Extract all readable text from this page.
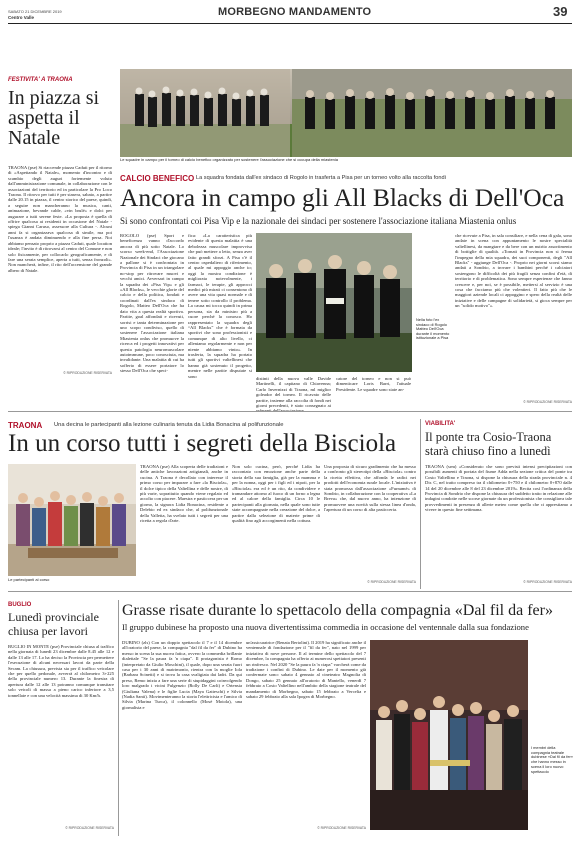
SABATO 21 DICEMBRE 2019
Centro Valle	MORBEGNO MANDAMENTO	39
FESTIVITA' A TRAONA
In piazza si aspetta il Natale
TRAONA (pse) Si riaccende piazza Caduti per il ritorno di «Aspettando il Natale», momento d'incontro e di scambio degli auguri fortemente voluto dall'amministrazione comunale, in collaborazione con le associazioni del territorio ed in particolare la Pro Loco Traona. Il ritrovo per tutti è per stasera, sabato, a partire dalle 20.15 in piazza, il centro storico del paese, quindi, a seguire non mancheranno la musica, canti, animazione, bevande calde, «vin brulé» e dolci per augurare a tutti serene feste. «La proposta è quella di offrire qualcosa ai residenti in occasione del Natale - spiega Gianni Caruso, assessore alla Cultura -. Alcuni anni fa si organizzava qualcosa di simile, ma poi l'usanza è andata diminuendo e alla fine persa. Noi abbiamo pensato proprio a piazza Caduti, quale location ideale; l'invito è di ritrovarsi al centro del Comune e non solo fisicamente, per collocarlo geograficamente, e di fare una serata semplice, aperta a tutti, senza fronzoli». Non mancherà, infine, il rito dell'accensione del grande albero di Natale.
© RIPRODUZIONE RISERVATA
Le squadre in campo per il torneo di calcio benefico organizzato per sostenere l'associazione che si occupa della miastenia
CALCIO BENEFICO La squadra fondata dall'ex sindaco di Rogolo in trasferta a Pisa per un torneo volto alla raccolta fondi
Ancora in campo gli All Blacks di Dell'Oca
Si sono confrontati coi Pisa Vip e la nazionale dei sindaci per sostenere l'associazione italiana Miastenia onlus
ROGOLO (pse) Sport e beneficenza vanno d'accordo ancora di più sotto Natale. Lo scorso week-end, l'Associazione Nazionale dei Sindaci che giocano a pallone si è confrontata in Provincia di Pisa in un triangolare no-stop per ritrovare muovi e vecchi amici. Avversari in campo la squadra dei «Pisa Vip» e gli «All Blacks», le vecchie glorie del calcio e della politica, fondati e coordinati dall'ex sindaco di Rogolo, Matteo Dell'Oca che ha dato vita a questa realtà sportiva. Partite, goal affondati e ricevuti, sorrisi e tanta determinazione per uno scopo condiviso, quello di sostenere l'associazione italiana Miastenia onlus che promuove la ricerca ed i progetti innovativi per questa patologia neuromuscolare autoimmune, poco conosciuta, ma invalidante. Una malattia di cui ha sofferto di essere portatore lo stesso Dell'Oca che speci-
fica: «La caratteristica più evidente di questa malattia è una debolezza muscolare improvvisa che può mettere a letto, senza aver fatto grandi sforzi. A Pisa c'è il centro ospedaliero di riferimento, al quale mi appoggio anche io; oggi la mostra condizione è migliorata notevolmente, i farmaci, le terapie, gli approcci medici più mirati ci consentono di avere una vita quasi normale e di tenere sotto controllo il problema. La causa mi tocca quindi in prima persona, sia da ministro più a cuore perché la conosco. Ho rappresentato la squadra degli “All Blacks” che è formata da sportivi che sono professionisti e comunque di alto livello, ci alleniamo regolarmente e non per niente abbiamo vinto». In trasferta, la squadra ha portato tutti gli sportivi valtellinesi che hanno già sostenuto il progetto, mentre nelle partite disputate si sono	distinti della nuova valle Davide Martinelli, il capitano di Chiavenna; Carlo Invernizzi di Traona, ml miglior goleador del torneo. Il ricavato delle partite, insieme alla raccolta di fondi nei giorni precedenti, è stato consegnato ai
catore del torneo e non si può dimenticare Loris Barri, l'attuale Presidente. Le squadre sono state an-
Nella foto l'ex sindaco di Rogolo Matteo Dell'Oca durante il momento istituzionale a Pisa
che ricevute a Pisa, in sala consiliare, e nella cena di gala, sono andate in scena con appuntamento le nostre specialità valtellinesi, da mangiare e da bere con un nutrito assortimento di bottiglie di qualità. «Tornati in Provincia non si ferma l'impegno della mia squadra, dei suoi componenti, degli "All Blacks" - aggiunge Dell'Oca -. Proprio nei giorni scorsi siamo andati a Sondrio, a trovare i bambini perché i calciatori sostengono le difficoltà dei più fragili senza confini d'età, di territorio e di problematica. Sono sempre esperienze che fanno crescere e, per noi, se è possibile, mettersi al servizio è una cosa che facciamo più che volentieri. Il fatto più che le maggiori aziende locali ci appoggino e spero della realtà delle iniziative e delle campagne di solidarietà, si gioca sempre per un "solido motivo"».
© RIPRODUZIONE RISERVATA
TRAONA Una decina le partecipanti alla lezione culinaria tenuta da Lidia Bonacina al polifunzionale
In un corso tutti i segreti della Bisciola
Le partecipanti al corso
TRAONA (pse) Alla scoperta delle tradizioni e delle antiche lavorazioni artigianali, anche in cucina. A Traona è decollato con interesse il primo corso per imparare a fare «la Bisciola», il dolce tipico della Valtellina e delle nostre, di più varie, soprattutto quando viene regalato ed accolto con piacere. Maestra e pasticcera per un giorno, la signora Lidia Bonacina, residente a Delebio ed ex sindaco che, al polifunzionale della Valletta, ha svelato tutti i segreti per una ricetta a regola d'arte.
Non solo cucina, però, perché Lidia ha raccontato con emozione anche parte della storia della sua famiglia, già per la mamma e per la nonna, oggi per i figli ed i nipoti, per la «Bisciola» era ed è un rito, da condividere e tramandare attorno al fuoco di un forno a legna ed al calore della famiglia. Circa 10 le partecipanti alla giornata, nella quale sono tutte state accompagnate nella creazione del dolce, a partire dalla selezione di materie prime di qualità fino agli accorgimenti nella cottura.
Una proposta di sicuro gradimento che ha messo a confronto gli stereotipi della «Bisciola» contro la ricetta effettiva, che affonda le radici nei prodotti dell'economia rurale locale. L'iniziativa è stata promossa dall'associazione «Furnamè» di Sondrio, in collaborazione con la cooperativa «La Breva» che, dal nuovo anno, ha intenzione di promuovere una novità sulla stessa linea d'onda, l'apertura di un corso di alta pasticceria.
© RIPRODUZIONE RISERVATA
VIABILITA'
Il ponte tra Cosio-Traona starà chiuso fino a lunedì
TRAONA (srm) «Considerato che sono previsti intensi precipitazioni con possibili aumenti di portata del fiume Adda nella sezione critica del ponte tra Cosio Valtellino e Traona, si dispone la chiusura della strada provinciale n. 4 Dir. C, nel tratto compreso tra il chilometro 0+750 e il chilometro 0+870 dalle 14 del 20 dicembre alle 8 del 23 dicembre 2019». Recita così l'ordinanza della Provincia di Sondrio che dispone la chiusura del suddetto tratto in relazione alle indagini condotte nelle scorse giornate da un professionista che consigliava tale provvedimenti in presenza di allerte meteo come quella che ci apprestiamo a vivere in questo fine settimana.
© RIPRODUZIONE RISERVATA
BUGLIO
Lunedì provinciale chiusa per lavori
BUGLIO IN MONTE (pse) Provinciale chiusa al traffico nella giornata di lunedì 23 dicembre dalle 8.45 alle 12 e dalle 13 alle 17. Lo ha deciso la Provincia per permettere l'esecuzione di alcuni necessari lavori da parte della Secam. La chiusura, prevista sia per il traffico veicolare che per quello pedonale, avverrà al chilometro 3+225 della provinciale numero 13. Durante la finestra di apertura dalle 12 alle 13 potranno comunque transitare solo veicoli di massa a pieno carico inferiore a 3,5 tonnellate e con una velocità massima di 30 Km/h.
© RIPRODUZIONE RISERVATA
Grasse risate durante lo spettacolo della compagnia «Dal fil da fer»
Il gruppo dubinese ha proposto una nuova divertentissima commedia in occasione del ventennale dalla sua fondazione
DUBINO (zls) Con un doppio spettacolo il 7 e il 14 dicembre all'oratorio del paese, la compagnia "dal fil da fer" di Dubino ha messo in scena la sua nuova fatica, ovvero la commedia brillante dialettale "Se la paura fa 'n ciapa". Il protagonista è Romo (interpretato da Giulio Moschini), il quale, dopo una serata fuori casa per i 30 anni di matrimonio, rientra con la moglie Iola (Barbara Scinetti) e si trova la casa svaligiata dai ladri. Da qui preso, Remo inizia a fare una serie di stupidaggini coinvolgendo loro malgrado i vicini Fulgenzio (Rolly De Carli) e Ortensia (Giuliana Valena) e le figlie Lucia (Maya Gatteschi) e Silvia (Nadia Santi). Movimenteranno la storia l'elettricista e l'amico di Silvia (Marina Turca), il colonnello (Mosè Moiola), una giornalista e
un'assicuratrice (Renata Bertolini). Il 2019 ha significato anche il ventennale di fondazione per il "fil da fer", nato nel 1999 per iniziativa di nove persone. Il al termine dello spettacolo del 7 dicembre, la compagnia ha offerto ai numerosi spettatori presenti un rinfresco. Nel 2020 "Se la paura fa 'n ciapa" varcherà come da tradizione i confini di Dubino. Le date per il momento già confermate sono: sabato 4 gennaio al cineteatro Magnolia di Dongo, sabato 25 gennaio all'oratorio di Mantello, venerdì 7 febbraio a Cosio Valtellino nell'ambito della stagione teatrale del mandamento di Morbegno, sabato 15 febbraio a Vercelia e sabato 29 febbraio alla sala Ipogea di Morbegno.
© RIPRODUZIONE RISERVATA
I membri della compagnia teatrale dubinese «Dal fil da fer» che hanno messo in scena il loro nuovo spettacolo
